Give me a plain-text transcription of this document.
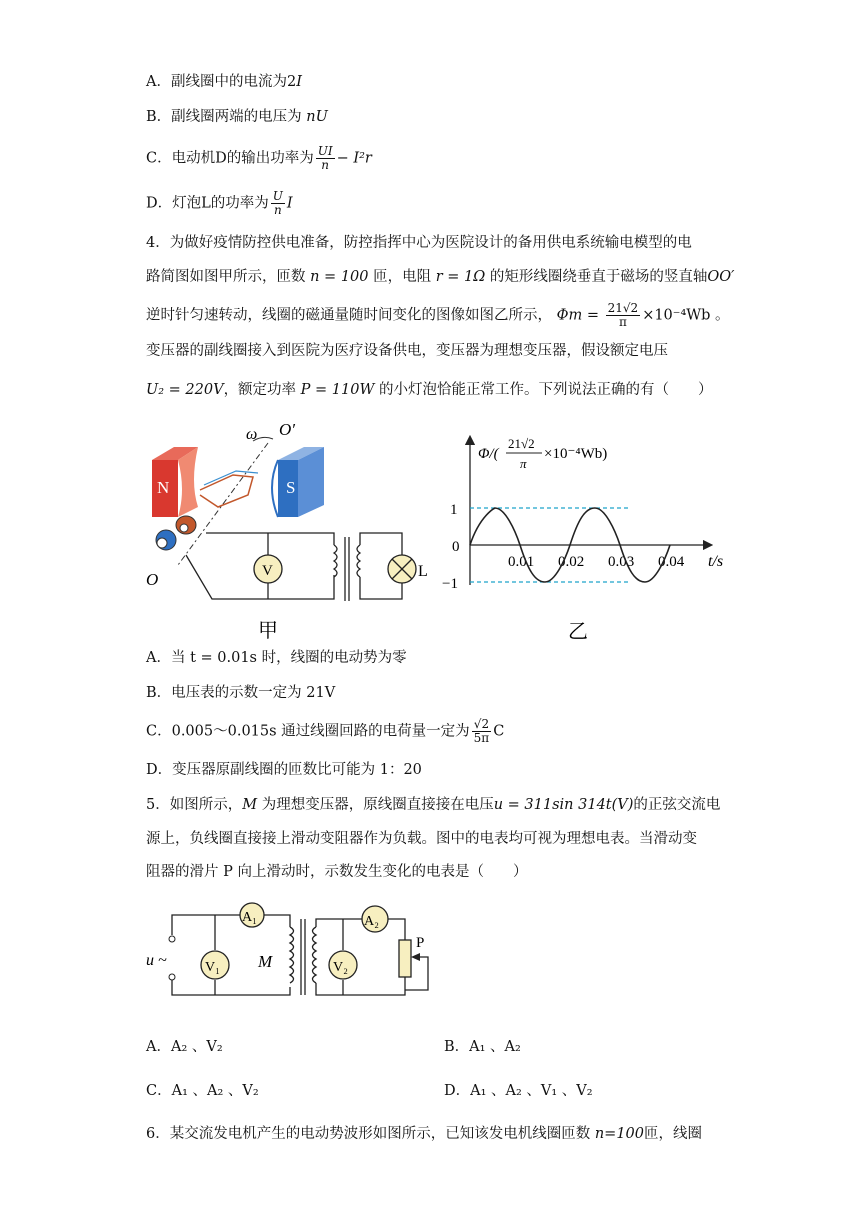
A．副线圈中的电流为2I
B．副线圈两端的电压为 nU
C．电动机D的输出功率为 $\frac{UI}{n} - I^2r$
D．灯泡L的功率为 $\frac{U}{n}$ I
4．为做好疫情防控供电准备，防控指挥中心为医院设计的备用供电系统输电模型的电
路简图如图甲所示，匝数 n = 100 匝，电阻 r = 1Ω 的矩形线圈绕垂直于磁场的竖直轴OO′
逆时针匀速转动，线圈的磁通量随时间变化的图像如图乙所示， $\Phi m = \frac{21√2}{\pi} \times 10^{-4}Wb$ 。
变压器的副线圈接入到医院为医疗设备供电，变压器为理想变压器，假设额定电压
U₂ = 220V，额定功率 P = 110W 的小灯泡恰能正常工作。下列说法正确的有（　　）
N	S
ω O′
O	V	L
甲
Φ/(
21√2
π
×10⁻⁴Wb)
t/s
1
0
−1
0.01 0.02 0.03 0.04
乙
A．当 t = 0.01s 时，线圈的电动势为零
B．电压表的示数一定为 21V
C．0.005～0.015s 通过线圈回路的电荷量一定为 $\frac{√2}{5\pi}$ C
D．变压器原副线圈的匝数比可能为 1：20
5．如图所示，M 为理想变压器，原线圈直接接在电压u = 311sin 314t(V)的正弦交流电
源上，负线圈直接接上滑动变阻器作为负载。图中的电表均可视为理想电表。当滑动变
阻器的滑片 P 向上滑动时，示数发生变化的电表是（　　）
u ~
A₁
V₁ M
A₂
V₂
P
A．A₂ 、V₂	B．A₁ 、A₂
C．A₁ 、A₂ 、V₂	D．A₁ 、A₂ 、V₁ 、V₂
6．某交流发电机产生的电动势波形如图所示，已知该发电机线圈匝数 n=100匝，线圈
